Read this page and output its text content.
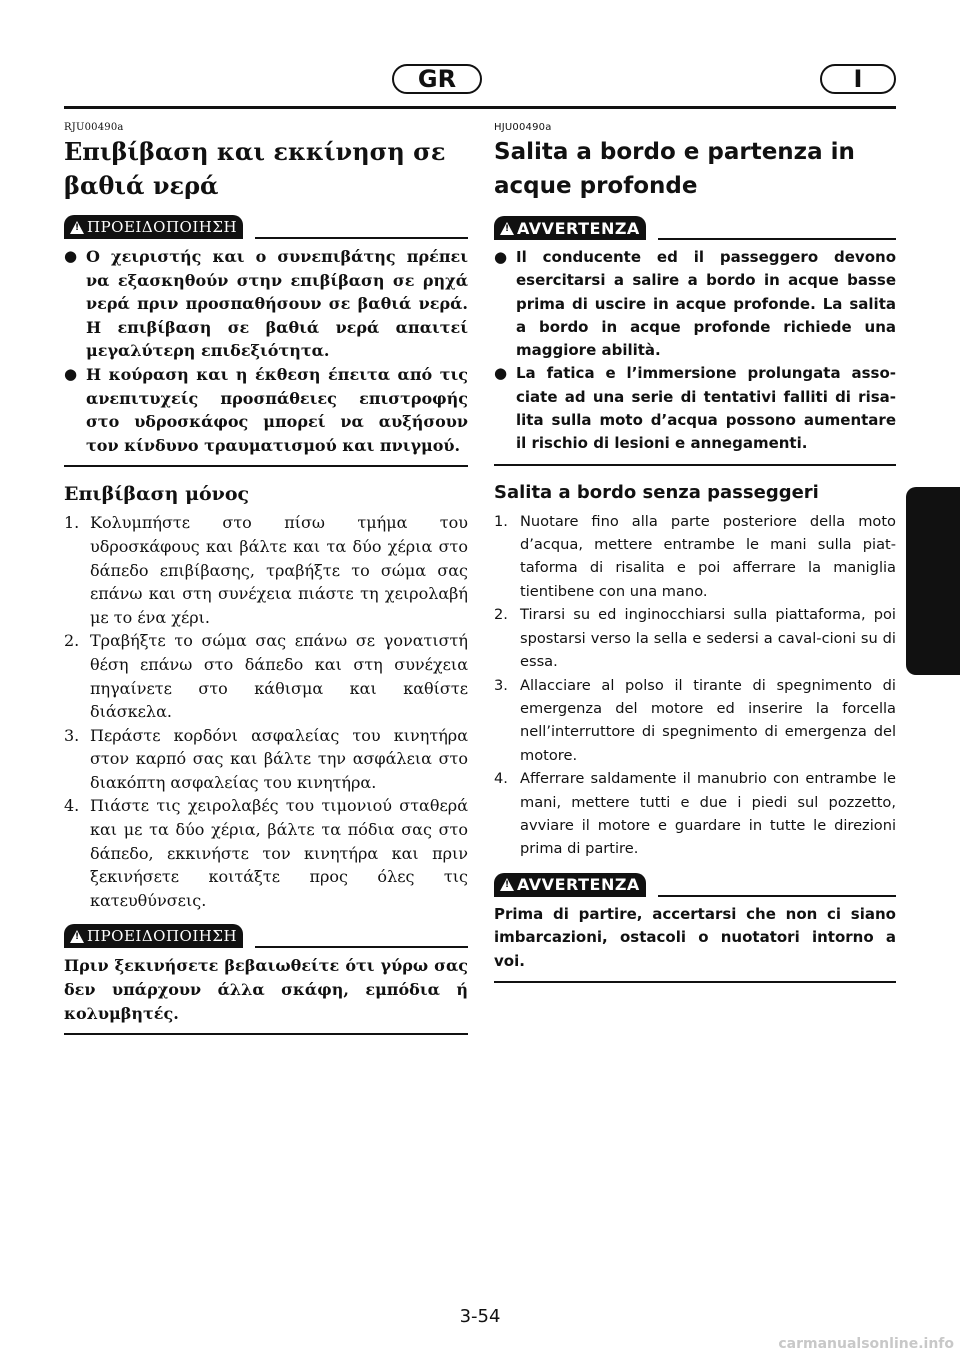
GR	I
RJU00490a
Επιβίβαση και εκκίνηση σε βαθιά νερά
! ΠΡΟΕΙΔΟΠΟΙΗΣΗ
● Ο χειριστής και ο συνεπιβάτης πρέπει να εξασκηθούν στην επιβίβαση σε ρηχά νερά πριν προσπαθήσουν σε βαθιά νερά. Η επιβίβαση σε βαθιά νερά απαιτεί μεγαλύτερη επιδεξιότητα.
● Η κούραση και η έκθεση έπειτα από τις ανεπιτυχείς προσπάθειες επιστροφής στο υδροσκάφος μπορεί να αυξήσουν τον κίνδυνο τραυματισμού και πνιγμού.
Επιβίβαση μόνος
1. Κολυμπήστε στο πίσω τμήμα του υδροσκάφους και βάλτε και τα δύο χέρια στο δάπεδο επιβίβασης, τραβήξτε το σώμα σας επάνω και στη συνέχεια πιάστε τη χειρολαβή με το ένα χέρι.
2. Τραβήξτε το σώμα σας επάνω σε γονατιστή θέση επάνω στο δάπεδο και στη συνέχεια πηγαίνετε στο κάθισμα και καθίστε διάσκελα.
3. Περάστε κορδόνι ασφαλείας του κινητήρα στον καρπό σας και βάλτε την ασφάλεια στο διακόπτη ασφαλείας του κινητήρα.
4. Πιάστε τις χειρολαβές του τιμονιού σταθερά και με τα δύο χέρια, βάλτε τα πόδια σας στο δάπεδο, εκκινήστε τον κινητήρα και πριν ξεκινήσετε κοιτάξτε προς όλες τις κατευθύνσεις.
! ΠΡΟΕΙΔΟΠΟΙΗΣΗ
Πριν ξεκινήσετε βεβαιωθείτε ότι γύρω σας δεν υπάρχουν άλλα σκάφη, εμπόδια ή κολυμβητές.
HJU00490a
Salita a bordo e partenza in acque profonde
! AVVERTENZA
● Il conducente ed il passeggero devono esercitarsi a salire a bordo in acque basse prima di uscire in acque profonde. La salita a bordo in acque profonde richiede una maggiore abilità.
● La fatica e l’immersione prolungata asso-ciate ad una serie di tentativi falliti di risa-lita sulla moto d’acqua possono aumentare il rischio di lesioni e annegamenti.
Salita a bordo senza passeggeri
1. Nuotare fino alla parte posteriore della moto d’acqua, mettere entrambe le mani sulla piat-taforma di risalita e poi afferrare la maniglia tientibene con una mano.
2. Tirarsi su ed inginocchiarsi sulla piattaforma, poi spostarsi verso la sella e sedersi a caval-cioni su di essa.
3. Allacciare al polso il tirante di spegnimento di emergenza del motore ed inserire la forcella nell’interruttore di spegnimento di emergenza del motore.
4. Afferrare saldamente il manubrio con entrambe le mani, mettere tutti e due i piedi sul pozzetto, avviare il motore e guardare in tutte le direzioni prima di partire.
! AVVERTENZA
Prima di partire, accertarsi che non ci siano imbarcazioni, ostacoli o nuotatori intorno a voi.
3-54
carmanualsonline.info
